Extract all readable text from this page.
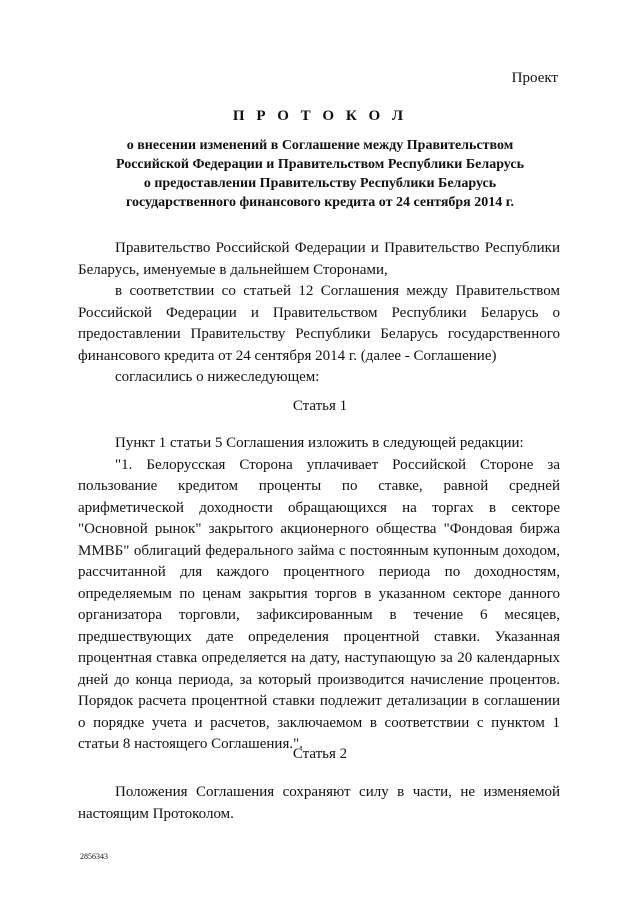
Проект
П Р О Т О К О Л
о внесении изменений в Соглашение между Правительством
Российской Федерации и Правительством Республики Беларусь
о предоставлении Правительству Республики Беларусь
государственного финансового кредита от 24 сентября 2014 г.
Правительство Российской Федерации и Правительство Республики Беларусь, именуемые в дальнейшем Сторонами,
в соответствии со статьей 12 Соглашения между Правительством Российской Федерации и Правительством Республики Беларусь о предоставлении Правительству Республики Беларусь государственного финансового кредита от 24 сентября 2014 г. (далее - Соглашение)
согласились о нижеследующем:
Статья 1
Пункт 1 статьи 5 Соглашения изложить в следующей редакции:
"1. Белорусская Сторона уплачивает Российской Стороне за пользование кредитом проценты по ставке, равной средней арифметической доходности обращающихся на торгах в секторе "Основной рынок" закрытого акционерного общества "Фондовая биржа ММВБ" облигаций федерального займа с постоянным купонным доходом, рассчитанной для каждого процентного периода по доходностям, определяемым по ценам закрытия торгов в указанном секторе данного организатора торговли, зафиксированным в течение 6 месяцев, предшествующих дате определения процентной ставки. Указанная процентная ставка определяется на дату, наступающую за 20 календарных дней до конца периода, за который производится начисление процентов. Порядок расчета процентной ставки подлежит детализации в соглашении о порядке учета и расчетов, заключаемом в соответствии с пунктом 1 статьи 8 настоящего Соглашения.".
Статья 2
Положения Соглашения сохраняют силу в части, не изменяемой настоящим Протоколом.
2856343
